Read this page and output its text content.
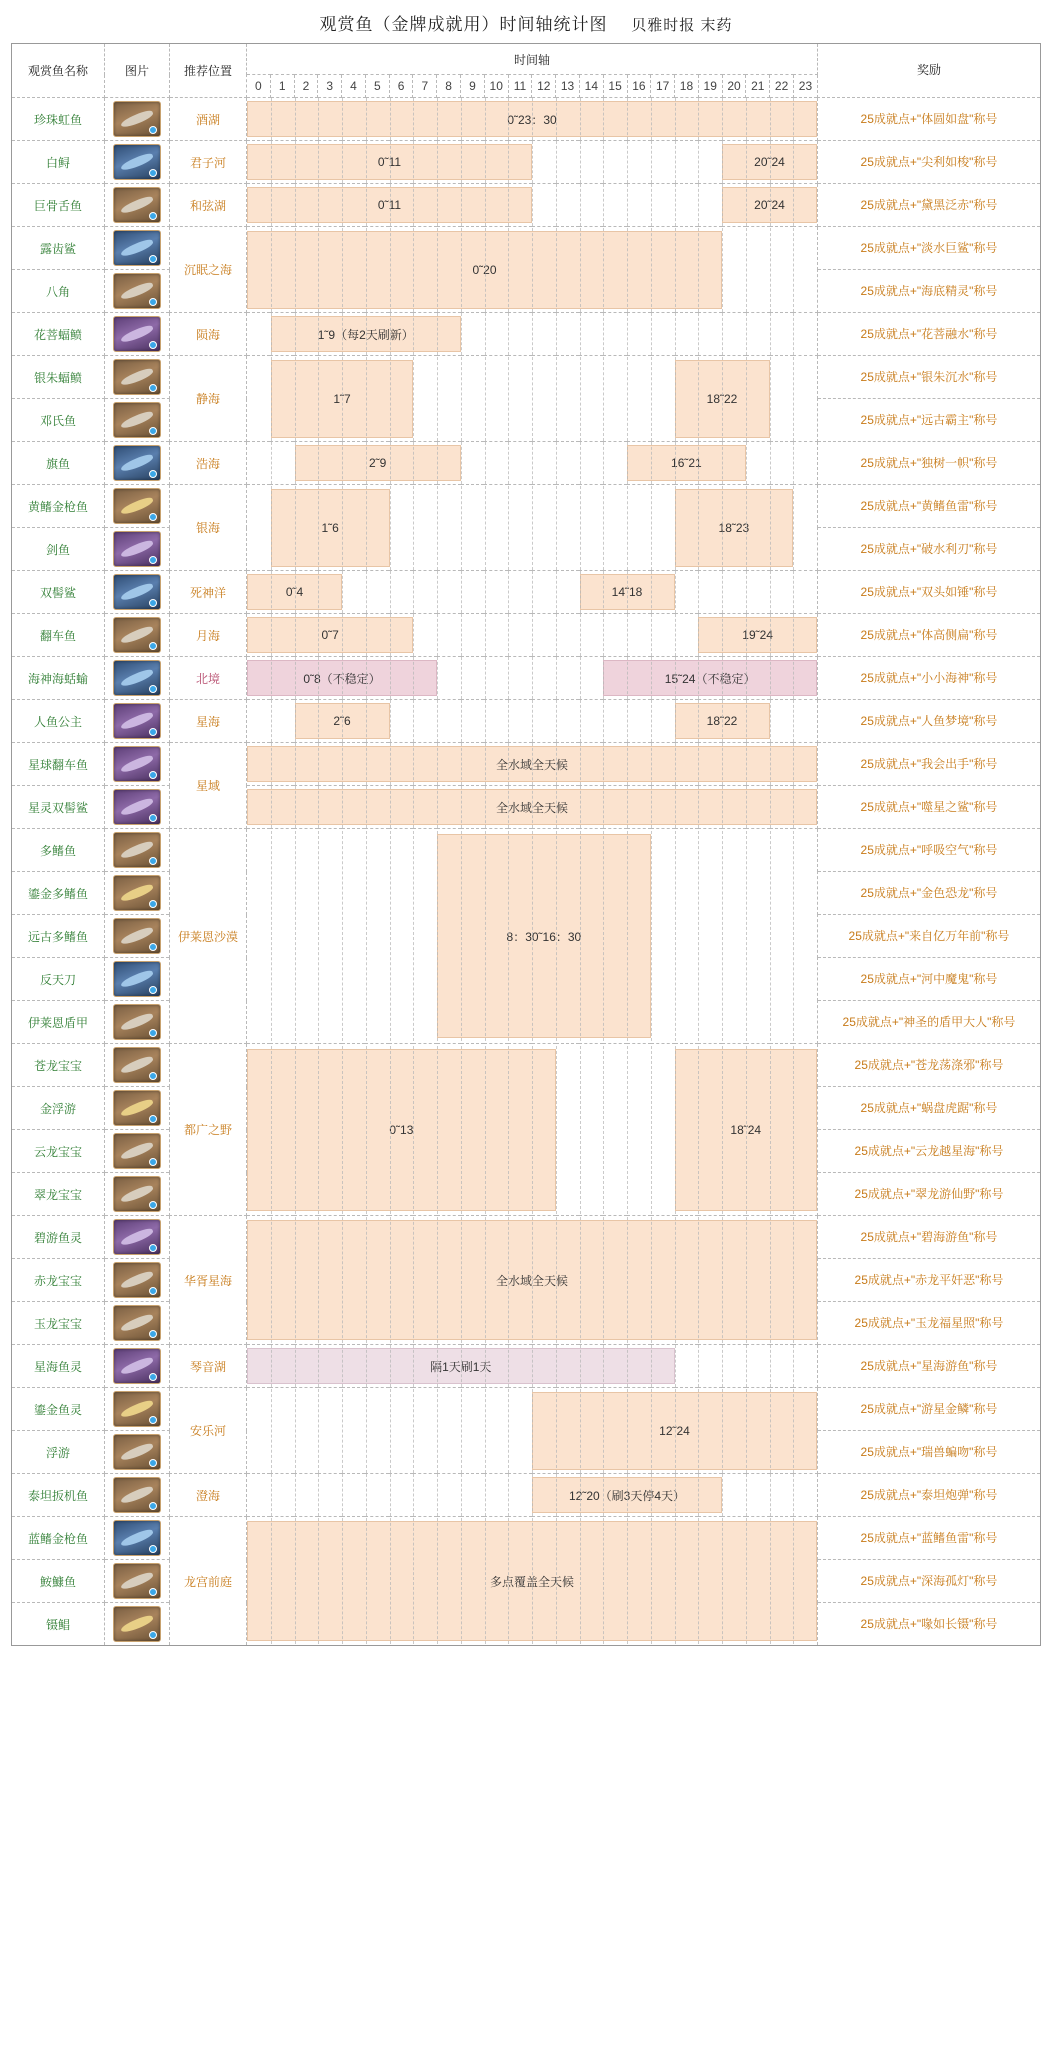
观赏鱼（金牌成就用）时间轴统计图 贝雅时报 末药
观赏鱼名称	图片	推荐位置	时间轴																								奖励
			0	1	2	3	4	5	6	7	8	9	10	11	12	13	14	15	16	17	18	19	20	21	22	23	
珍珠虹鱼		酒湖	0˜23：30																								25成就点+"体圆如盘"称号
白鲟		君子河	0˜11 20˜24																								25成就点+"尖利如梭"称号
巨骨舌鱼		和弦湖	0˜11 20˜24																								25成就点+"黛黑泛赤"称号
露齿鲨		沉眠之海	0˜20																								25成就点+"淡水巨鲨"称号
八角																											25成就点+"海底精灵"称号
花菩蝠鲼		陨海	1˜9（每2天刷新）																								25成就点+"花菩融水"称号
银朱蝠鲼		静海	1˜7 18˜22																								25成就点+"银朱沉水"称号
邓氏鱼																											25成就点+"远古霸主"称号
旗鱼		浩海	2˜9 16˜21																								25成就点+"独树一帜"称号
黄鳍金枪鱼		银海	1˜6 18˜23																								25成就点+"黄鳍鱼雷"称号
剑鱼																											25成就点+"破水利刃"称号
双髻鲨		死神洋	0˜4 14˜18																								25成就点+"双头如锤"称号
翻车鱼		月海	0˜7 19˜24																								25成就点+"体高侧扁"称号
海神海蛞蝓		北境	0˜8（不稳定） 15˜24（不稳定）																								25成就点+"小小海神"称号
人鱼公主		星海	2˜6 18˜22																								25成就点+"人鱼梦境"称号
星球翻车鱼		星域	全水域全天候																								25成就点+"我会出手"称号
星灵双髻鲨			全水域全天候																								25成就点+"噬星之鲨"称号
多鳍鱼		伊莱恩沙漠	8：30˜16：30																								25成就点+"呼吸空气"称号
鎏金多鳍鱼																											25成就点+"金色恐龙"称号
远古多鳍鱼																											25成就点+"来自亿万年前"称号
反天刀																											25成就点+"河中魔鬼"称号
伊莱恩盾甲																											25成就点+"神圣的盾甲大人"称号
苍龙宝宝		都广之野	0˜13 18˜24																								25成就点+"苍龙荡涤邪"称号
金浮游																											25成就点+"蜗盘虎踞"称号
云龙宝宝																											25成就点+"云龙越星海"称号
翠龙宝宝																											25成就点+"翠龙游仙野"称号
碧游鱼灵		华胥星海	全水域全天候																								25成就点+"碧海游鱼"称号
赤龙宝宝																											25成就点+"赤龙平奸恶"称号
玉龙宝宝																											25成就点+"玉龙福星照"称号
星海鱼灵		琴音湖	隔1天刷1天																								25成就点+"星海游鱼"称号
鎏金鱼灵		安乐河	12˜24																								25成就点+"游星金鳞"称号
浮游																											25成就点+"瑞兽蝙吻"称号
泰坦扳机鱼		澄海	12˜20（刷3天停4天）																								25成就点+"泰坦炮弹"称号
蓝鳍金枪鱼		龙宫前庭	多点覆盖全天候																								25成就点+"蓝鳍鱼雷"称号
鮟鱇鱼																											25成就点+"深海孤灯"称号
镊鲳																											25成就点+"喙如长镊"称号
